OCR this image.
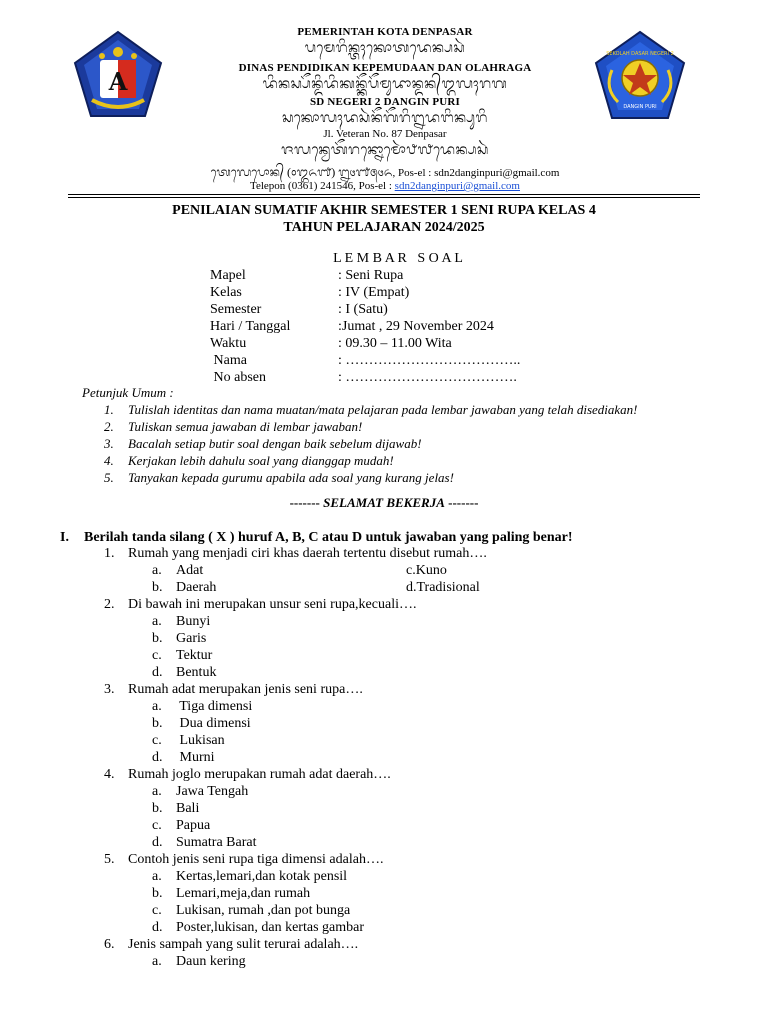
A
SEKOLAH DASAR NEGERI 2
DANGIN PURI
PEMERINTAH KOTA DENPASAR
ᬧᬫᬾᬭᬶᬦ᭄ᬢᬄᬓᭀᬢᬤᬾᬦ᭄ᬧᬲᬃ
DINAS PENDIDIKAN KEPEMUDAAN DAN OLAHRAGA
ᬤᬶᬦᬲ᭄ᬧᭂᬦ᭄ᬤᬶᬤᬶᬓᬦ᭄ᬓᭂᬧᭂᬫᬸᬤᬵᬦ᭄ᬤᬦ᭄ᬑᬮᬄᬭᬕ
SD NEGERI 2 DANGIN PURI
ᬲᬓᭀᬮᬄᬤᬲᬃᬦᭂᬕᭂᬭᬶ᭒ᬤᬗᬶᬦ᭄ᬧᬸᬭᬶ
Jl. Veteran No. 87 Denpasar
ᬚᬮᬦ᭄ᬯᬾᬢᭂᬭᬦ᭄ᬦᭀᬫᭀᬃ᭘᭗ᬤᬾᬦ᭄ᬧᬲᬃ
ᬢᬾᬮᬾᬧᭀᬦ᭄ (᭐᭓᭖᭑) ᭒᭔᭑᭕᭔᭖, Pos-el : sdn2danginpuri@gmail.com
Telepon (0361) 241546, Pos-el : sdn2danginpuri@gmail.com
PENILAIAN SUMATIF AKHIR SEMESTER 1 SENI RUPA KELAS 4
TAHUN PELAJARAN 2024/2025
L E M B A R   S O A L
Mapel	: Seni Rupa
Kelas	: IV (Empat)
Semester	: I (Satu)
Hari / Tanggal	:Jumat , 29 November 2024
Waktu	: 09.30 – 11.00 Wita
Nama	: ………………………………..
No absen	: ……………………………….
Petunjuk Umum :
1. Tulislah identitas dan nama muatan/mata pelajaran pada lembar jawaban yang telah disediakan!
2. Tuliskan semua jawaban di lembar jawaban!
3. Bacalah setiap butir soal dengan baik sebelum dijawab!
4. Kerjakan lebih dahulu soal yang dianggap mudah!
5. Tanyakan kepada gurumu apabila ada soal yang kurang jelas!
------- SELAMAT BEKERJA -------
I. Berilah tanda silang ( X ) huruf A, B, C atau D untuk jawaban yang paling benar!
1. Rumah yang menjadi ciri khas daerah tertentu disebut rumah….
a. Adat
b. Daerah
c.Kuno
d.Tradisional
2. Di bawah ini merupakan unsur seni rupa,kecuali….
a. Bunyi
b. Garis
c. Tektur
d. Bentuk
3. Rumah adat merupakan jenis seni rupa….
a. Tiga dimensi
b. Dua dimensi
c. Lukisan
d. Murni
4. Rumah joglo merupakan rumah adat daerah….
a. Jawa Tengah
b. Bali
c. Papua
d. Sumatra Barat
5. Contoh jenis seni rupa tiga dimensi adalah….
a. Kertas,lemari,dan kotak pensil
b. Lemari,meja,dan rumah
c. Lukisan, rumah ,dan pot bunga
d. Poster,lukisan, dan kertas gambar
6. Jenis sampah yang sulit terurai adalah….
a. Daun kering
